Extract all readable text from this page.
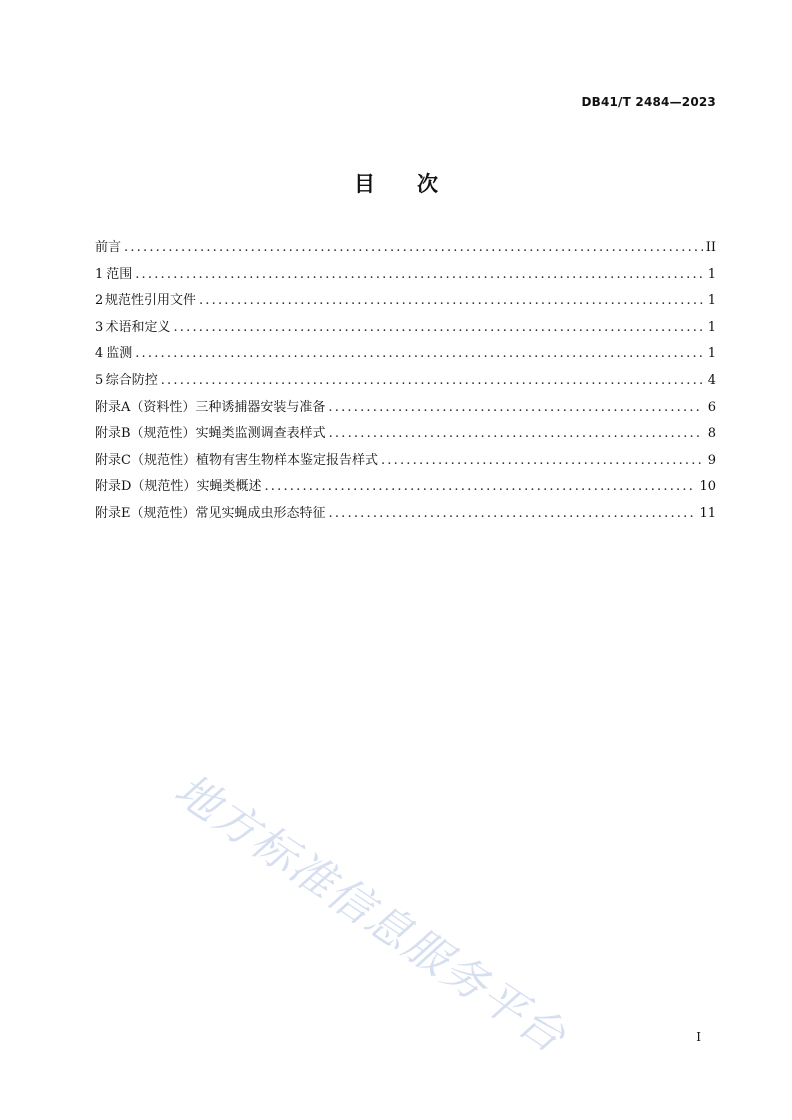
DB41/T 2484—2023
目　　次
前言 .....	II
1 范围 .....	1
2 规范性引用文件 .....	1
3 术语和定义 .....	1
4 监测 .....	1
5 综合防控 .....	4
附录A（资料性） 三种诱捕器安装与准备 .....	6
附录B（规范性） 实蝇类监测调查表样式 .....	8
附录C（规范性） 植物有害生物样本鉴定报告样式 .....	9
附录D（规范性） 实蝇类概述 .....	10
附录E（规范性） 常见实蝇成虫形态特征 .....	11
地方标准信息服务平台	I
